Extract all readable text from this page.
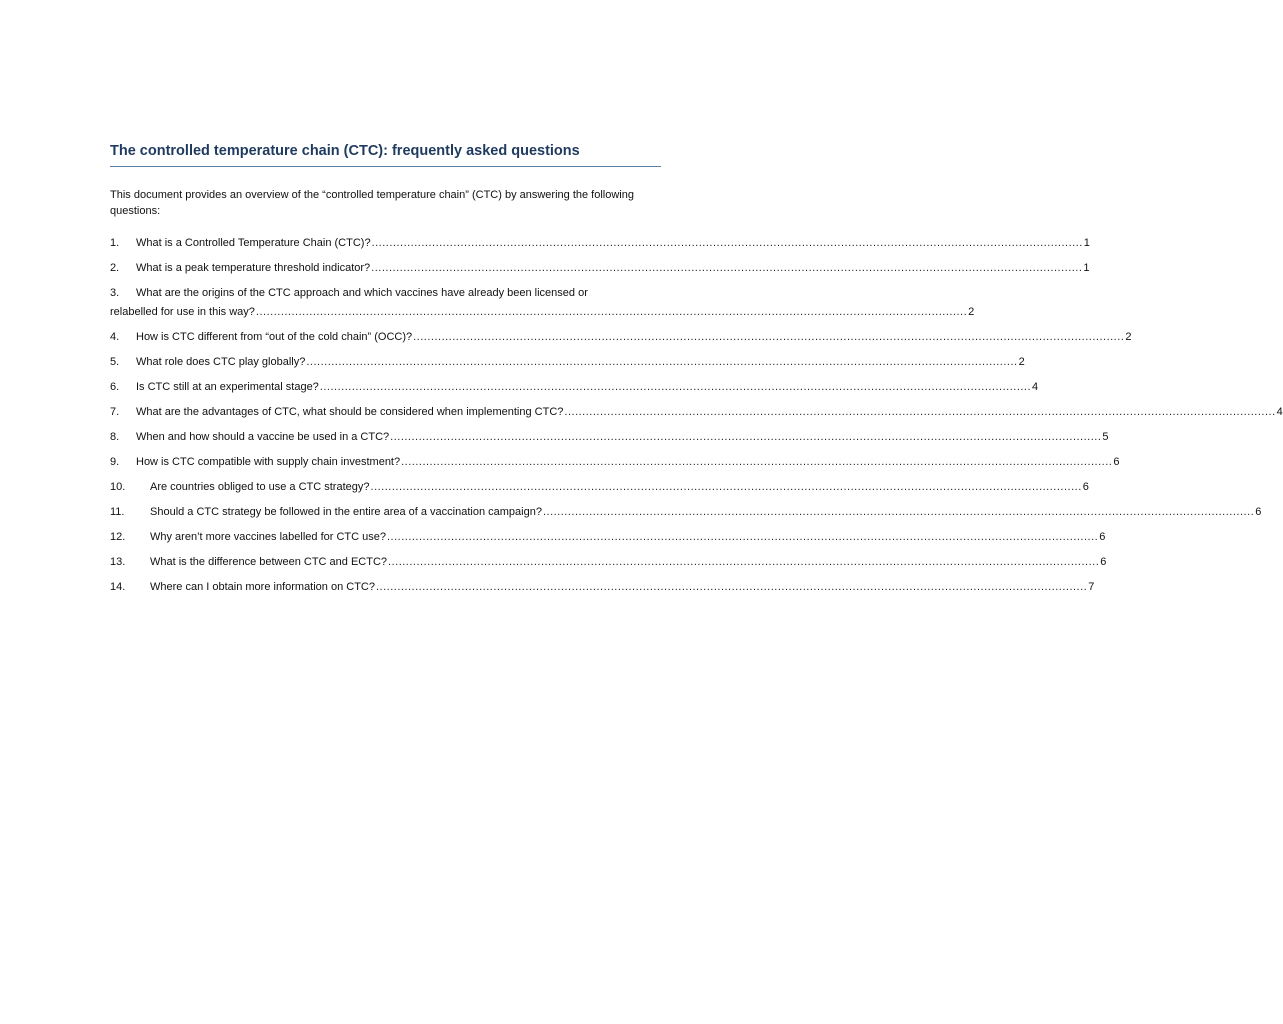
The controlled temperature chain (CTC): frequently asked questions

This document provides an overview of the “controlled temperature chain” (CTC) by answering the following questions:

1.	What is a Controlled Temperature Chain (CTC)? ........................................................................................................................................................................................................ 1
2.	What is a peak temperature threshold indicator? ........................................................................................................................................................................................................ 1
3. What are the origins of the CTC approach and which vaccines have already been licensed or
relabelled for use in this way? ........................................................................................................................................................................................................ 2
4.	How is CTC different from “out of the cold chain” (OCC)? ........................................................................................................................................................................................................ 2
5.	What role does CTC play globally? ........................................................................................................................................................................................................ 2
6.	Is CTC still at an experimental stage? ........................................................................................................................................................................................................ 4
7.	What are the advantages of CTC, what should be considered when implementing CTC? ........................................................................................................................................................................................................ 4
8.	When and how should a vaccine be used in a CTC? ........................................................................................................................................................................................................ 5
9.	How is CTC compatible with supply chain investment? ........................................................................................................................................................................................................ 6
10.	Are countries obliged to use a CTC strategy? ........................................................................................................................................................................................................ 6
11.	Should a CTC strategy be followed in the entire area of a vaccination campaign? ........................................................................................................................................................................................................ 6
12.	Why aren’t more vaccines labelled for CTC use? ........................................................................................................................................................................................................ 6
13.	What is the difference between CTC and ECTC? ........................................................................................................................................................................................................ 6
14.	Where can I obtain more information on CTC? ........................................................................................................................................................................................................ 7
